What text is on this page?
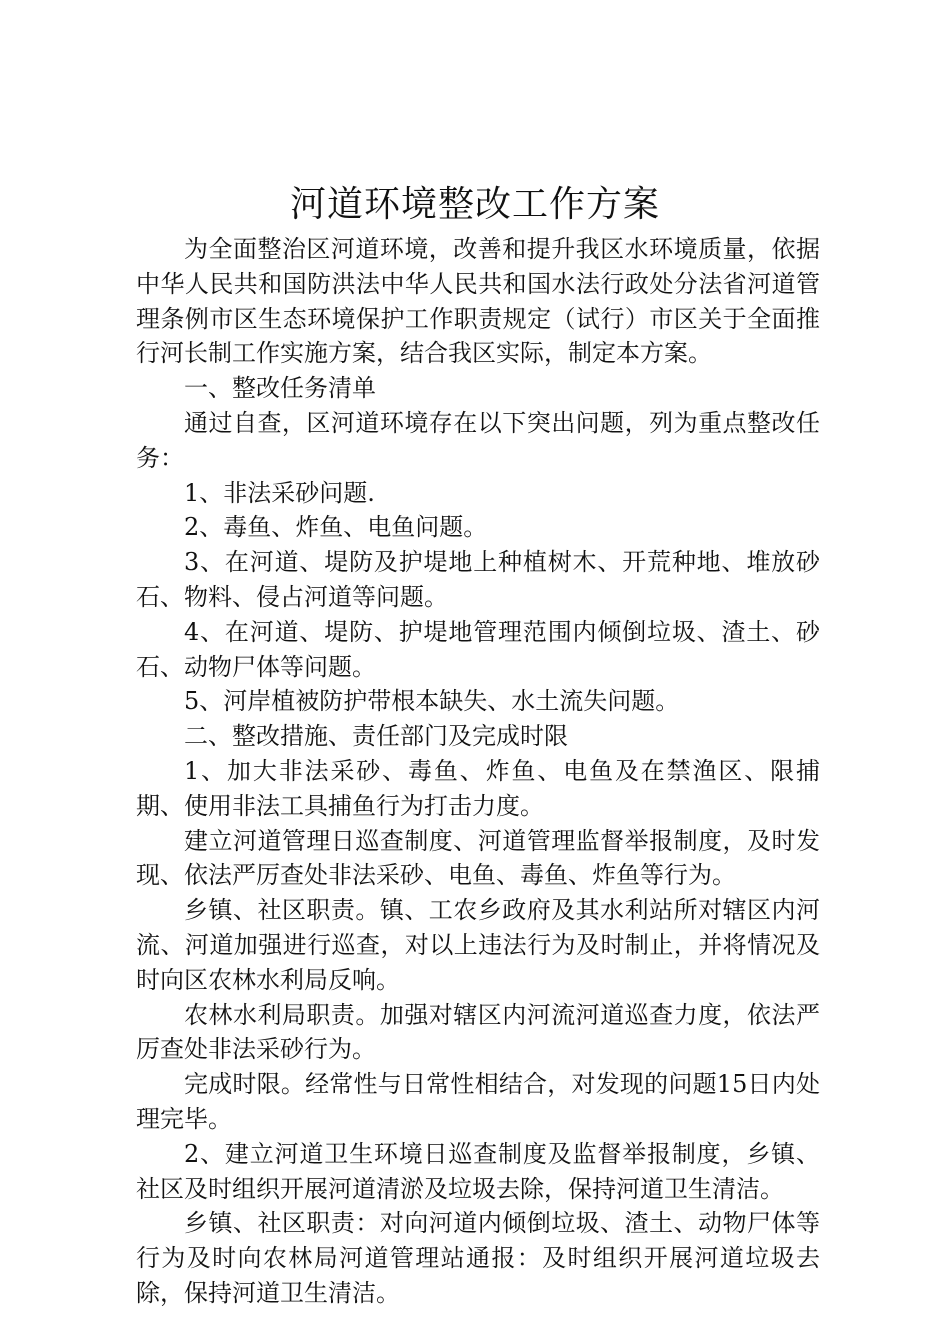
河道环境整改工作方案

为全面整治区河道环境，改善和提升我区水环境质量，依据中华人民共和国防洪法中华人民共和国水法行政处分法省河道管理条例市区生态环境保护工作职责规定（试行）市区关于全面推行河长制工作实施方案，结合我区实际，制定本方案。

一、整改任务清单

通过自查，区河道环境存在以下突出问题，列为重点整改任务：

1、非法采砂问题.

2、毒鱼、炸鱼、电鱼问题。

3、在河道、堤防及护堤地上种植树木、开荒种地、堆放砂石、物料、侵占河道等问题。

4、在河道、堤防、护堤地管理范围内倾倒垃圾、渣土、砂石、动物尸体等问题。

5、河岸植被防护带根本缺失、水土流失问题。

二、整改措施、责任部门及完成时限

1、加大非法采砂、毒鱼、炸鱼、电鱼及在禁渔区、限捕期、使用非法工具捕鱼行为打击力度。

建立河道管理日巡查制度、河道管理监督举报制度，及时发现、依法严厉查处非法采砂、电鱼、毒鱼、炸鱼等行为。

乡镇、社区职责。镇、工农乡政府及其水利站所对辖区内河流、河道加强进行巡查，对以上违法行为及时制止，并将情况及时向区农林水利局反响。

农林水利局职责。加强对辖区内河流河道巡查力度，依法严厉查处非法采砂行为。

完成时限。经常性与日常性相结合，对发现的问题15日内处理完毕。

2、建立河道卫生环境日巡查制度及监督举报制度，乡镇、社区及时组织开展河道清淤及垃圾去除，保持河道卫生清洁。

乡镇、社区职责：对向河道内倾倒垃圾、渣土、动物尸体等行为及时向农林局河道管理站通报：及时组织开展河道垃圾去除，保持河道卫生清洁。
